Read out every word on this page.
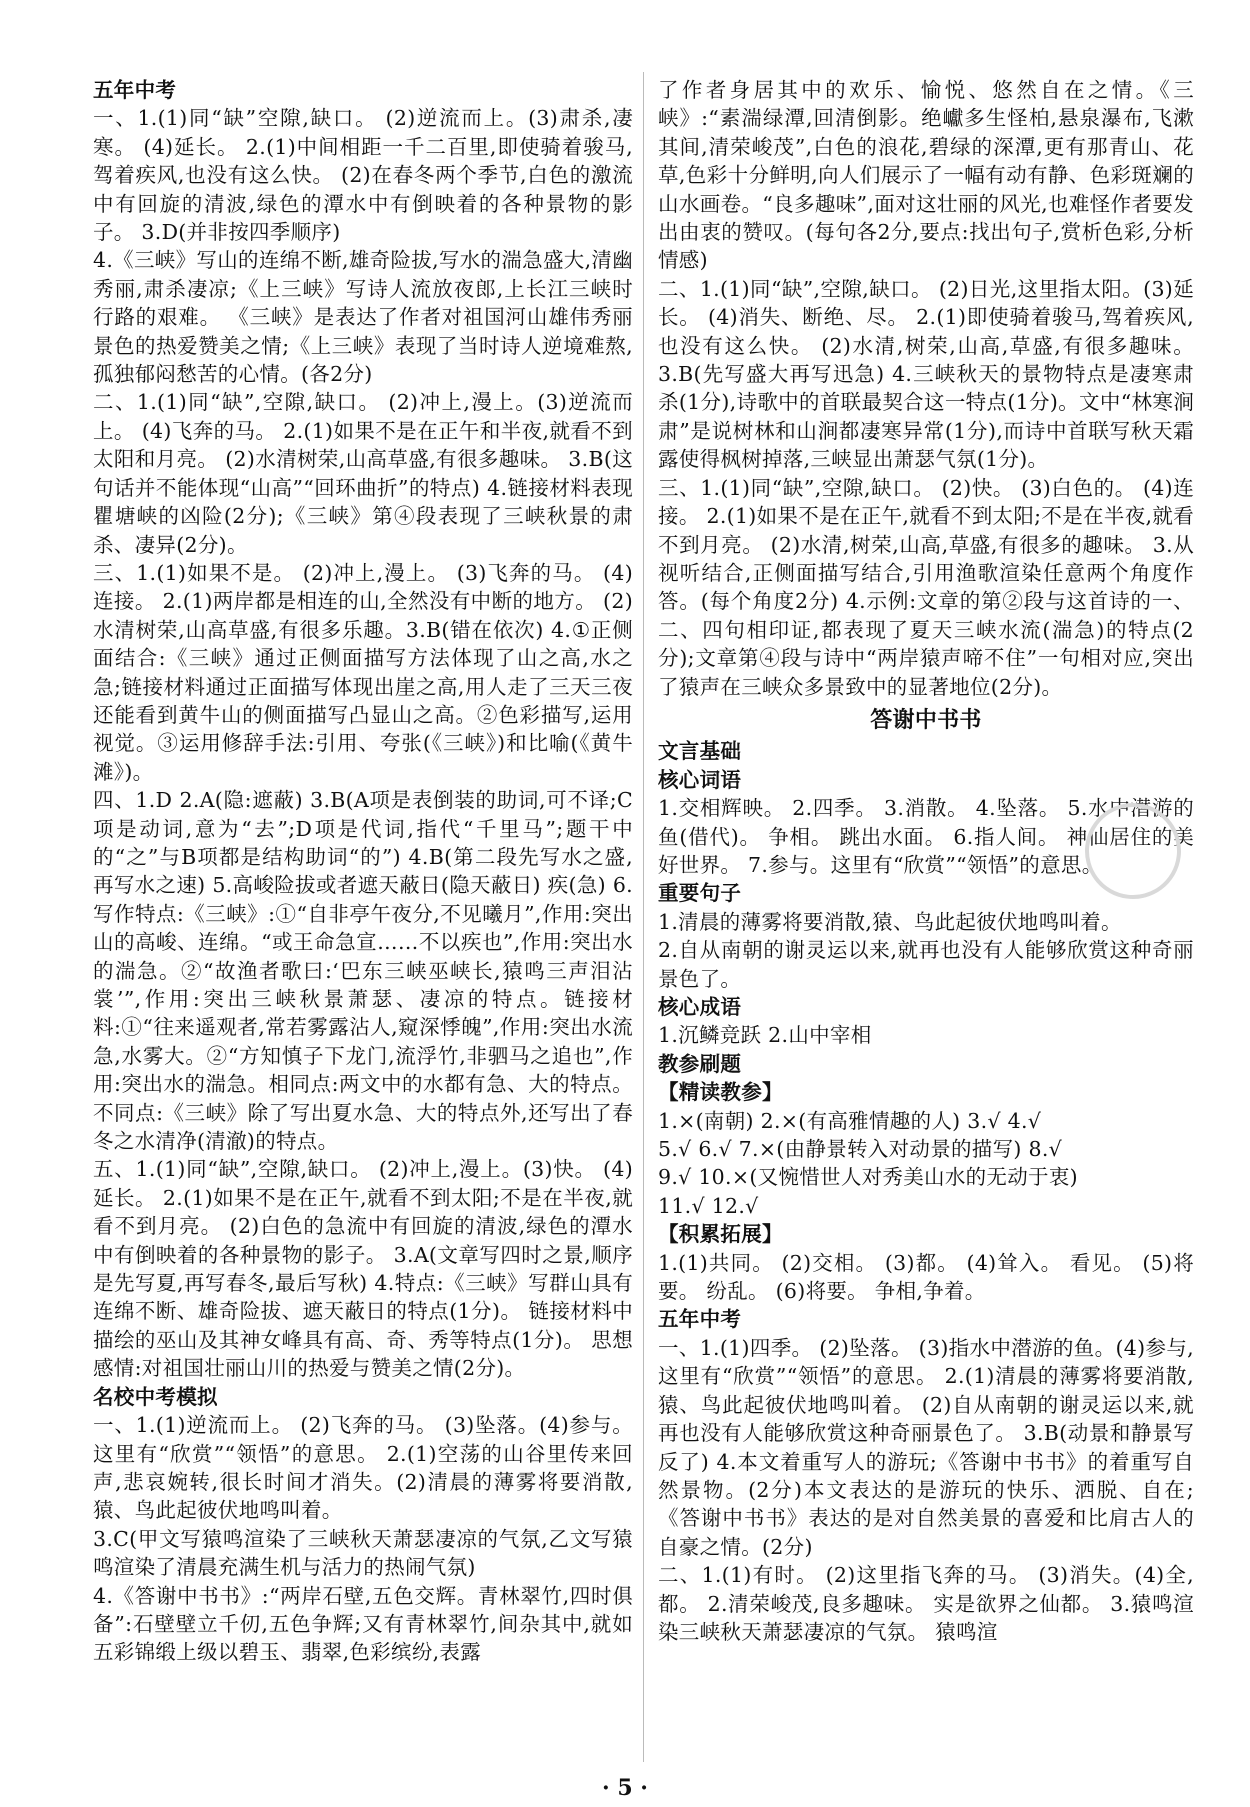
五年中考

一、1.(1)同“缺”空隙,缺口。 (2)逆流而上。(3)肃杀,凄寒。 (4)延长。 2.(1)中间相距一千二百里,即使骑着骏马,驾着疾风,也没有这么快。 (2)在春冬两个季节,白色的激流中有回旋的清波,绿色的潭水中有倒映着的各种景物的影子。 3.D(并非按四季顺序)

4.《三峡》写山的连绵不断,雄奇险拔,写水的湍急盛大,清幽秀丽,肃杀凄凉;《上三峡》写诗人流放夜郎,上长江三峡时行路的艰难。 《三峡》是表达了作者对祖国河山雄伟秀丽景色的热爱赞美之情;《上三峡》表现了当时诗人逆境难熬,孤独郁闷愁苦的心情。(各2分)

二、1.(1)同“缺”,空隙,缺口。 (2)冲上,漫上。(3)逆流而上。 (4)飞奔的马。 2.(1)如果不是在正午和半夜,就看不到太阳和月亮。 (2)水清树荣,山高草盛,有很多趣味。 3.B(这句话并不能体现“山高”“回环曲折”的特点) 4.链接材料表现瞿塘峡的凶险(2分);《三峡》第④段表现了三峡秋景的肃杀、凄异(2分)。

三、1.(1)如果不是。 (2)冲上,漫上。 (3)飞奔的马。 (4)连接。 2.(1)两岸都是相连的山,全然没有中断的地方。 (2)水清树荣,山高草盛,有很多乐趣。3.B(错在依次) 4.①正侧面结合:《三峡》通过正侧面描写方法体现了山之高,水之急;链接材料通过正面描写体现出崖之高,用人走了三天三夜还能看到黄牛山的侧面描写凸显山之高。②色彩描写,运用视觉。③运用修辞手法:引用、夸张(《三峡》)和比喻(《黄牛滩》)。

四、1.D 2.A(隐:遮蔽) 3.B(A项是表倒装的助词,可不译;C项是动词,意为“去”;D项是代词,指代“千里马”;题干中的“之”与B项都是结构助词“的”) 4.B(第二段先写水之盛,再写水之速) 5.高峻险拔或者遮天蔽日(隐天蔽日) 疾(急) 6.写作特点:《三峡》:①“自非亭午夜分,不见曦月”,作用:突出山的高峻、连绵。“或王命急宣……不以疾也”,作用:突出水的湍急。②“故渔者歌曰:‘巴东三峡巫峡长,猿鸣三声泪沾裳’”,作用:突出三峡秋景萧瑟、凄凉的特点。链接材料:①“往来遥观者,常若雾露沾人,窥深悸魄”,作用:突出水流急,水雾大。②“方知慎子下龙门,流浮竹,非驷马之追也”,作用:突出水的湍急。相同点:两文中的水都有急、大的特点。不同点:《三峡》除了写出夏水急、大的特点外,还写出了春冬之水清净(清澈)的特点。

五、1.(1)同“缺”,空隙,缺口。 (2)冲上,漫上。(3)快。 (4)延长。 2.(1)如果不是在正午,就看不到太阳;不是在半夜,就看不到月亮。 (2)白色的急流中有回旋的清波,绿色的潭水中有倒映着的各种景物的影子。 3.A(文章写四时之景,顺序是先写夏,再写春冬,最后写秋) 4.特点:《三峡》写群山具有连绵不断、雄奇险拔、遮天蔽日的特点(1分)。 链接材料中描绘的巫山及其神女峰具有高、奇、秀等特点(1分)。 思想感情:对祖国壮丽山川的热爱与赞美之情(2分)。

名校中考模拟

一、1.(1)逆流而上。 (2)飞奔的马。 (3)坠落。(4)参与。这里有“欣赏”“领悟”的意思。 2.(1)空荡的山谷里传来回声,悲哀婉转,很长时间才消失。(2)清晨的薄雾将要消散,猿、鸟此起彼伏地鸣叫着。

3.C(甲文写猿鸣渲染了三峡秋天萧瑟凄凉的气氛,乙文写猿鸣渲染了清晨充满生机与活力的热闹气氛)

4.《答谢中书书》:“两岸石壁,五色交辉。青林翠竹,四时俱备”:石壁壁立千仞,五色争辉;又有青林翠竹,间杂其中,就如五彩锦缎上级以碧玉、翡翠,色彩缤纷,表露

了作者身居其中的欢乐、愉悦、悠然自在之情。《三峡》:“素湍绿潭,回清倒影。绝巘多生怪柏,悬泉瀑布,飞漱其间,清荣峻茂”,白色的浪花,碧绿的深潭,更有那青山、花草,色彩十分鲜明,向人们展示了一幅有动有静、色彩斑斓的山水画卷。“良多趣味”,面对这壮丽的风光,也难怪作者要发出由衷的赞叹。(每句各2分,要点:找出句子,赏析色彩,分析情感)

二、1.(1)同“缺”,空隙,缺口。 (2)日光,这里指太阳。(3)延长。 (4)消失、断绝、尽。 2.(1)即使骑着骏马,驾着疾风,也没有这么快。 (2)水清,树荣,山高,草盛,有很多趣味。 3.B(先写盛大再写迅急) 4.三峡秋天的景物特点是凄寒肃杀(1分),诗歌中的首联最契合这一特点(1分)。文中“林寒涧肃”是说树林和山涧都凄寒异常(1分),而诗中首联写秋天霜露使得枫树掉落,三峡显出萧瑟气氛(1分)。

三、1.(1)同“缺”,空隙,缺口。 (2)快。 (3)白色的。 (4)连接。 2.(1)如果不是在正午,就看不到太阳;不是在半夜,就看不到月亮。 (2)水清,树荣,山高,草盛,有很多的趣味。 3.从视听结合,正侧面描写结合,引用渔歌渲染任意两个角度作答。(每个角度2分) 4.示例:文章的第②段与这首诗的一、二、四句相印证,都表现了夏天三峡水流(湍急)的特点(2分);文章第④段与诗中“两岸猿声啼不住”一句相对应,突出了猿声在三峡众多景致中的显著地位(2分)。

答谢中书书

文言基础

核心词语

1.交相辉映。 2.四季。 3.消散。 4.坠落。 5.水中潜游的鱼(借代)。 争相。 跳出水面。 6.指人间。 神仙居住的美好世界。 7.参与。这里有“欣赏”“领悟”的意思。

重要句子

1.清晨的薄雾将要消散,猿、鸟此起彼伏地鸣叫着。

2.自从南朝的谢灵运以来,就再也没有人能够欣赏这种奇丽景色了。

核心成语

1.沉鳞竞跃 2.山中宰相

教参刷题

【精读教参】

1.×(南朝) 2.×(有高雅情趣的人) 3.√ 4.√

5.√ 6.√ 7.×(由静景转入对动景的描写) 8.√

9.√ 10.×(又惋惜世人对秀美山水的无动于衷)

11.√ 12.√

【积累拓展】

1.(1)共同。 (2)交相。 (3)都。 (4)耸入。 看见。 (5)将要。 纷乱。 (6)将要。 争相,争着。

五年中考

一、1.(1)四季。 (2)坠落。 (3)指水中潜游的鱼。(4)参与,这里有“欣赏”“领悟”的意思。 2.(1)清晨的薄雾将要消散,猿、鸟此起彼伏地鸣叫着。 (2)自从南朝的谢灵运以来,就再也没有人能够欣赏这种奇丽景色了。 3.B(动景和静景写反了) 4.本文着重写人的游玩;《答谢中书书》的着重写自然景物。(2分)本文表达的是游玩的快乐、洒脱、自在;《答谢中书书》表达的是对自然美景的喜爱和比肩古人的自豪之情。(2分)

二、1.(1)有时。 (2)这里指飞奔的马。 (3)消失。(4)全,都。 2.清荣峻茂,良多趣味。 实是欲界之仙都。 3.猿鸣渲染三峡秋天萧瑟凄凉的气氛。 猿鸣渲

· 5 ·
